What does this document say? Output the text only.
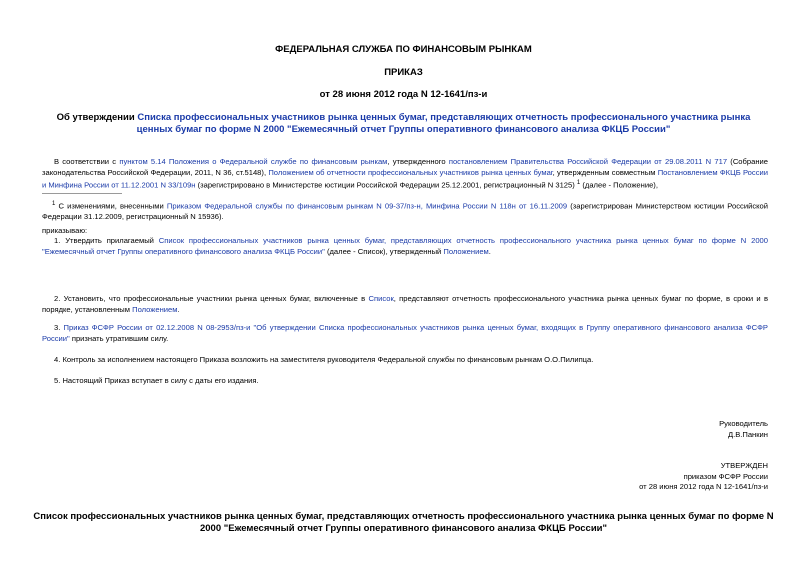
ФЕДЕРАЛЬНАЯ СЛУЖБА ПО ФИНАНСОВЫМ РЫНКАМ
ПРИКАЗ
от 28 июня 2012 года N 12-1641/пз-и
Об утверждении Списка профессиональных участников рынка ценных бумаг, представляющих отчетность профессионального участника рынка ценных бумаг по форме N 2000 "Ежемесячный отчет Группы оперативного финансового анализа ФКЦБ России"
В соответствии с пунктом 5.14 Положения о Федеральной службе по финансовым рынкам, утвержденного постановлением Правительства Российской Федерации от 29.08.2011 N 717 (Собрание законодательства Российской Федерации, 2011, N 36, ст.5148), Положением об отчетности профессиональных участников рынка ценных бумаг, утвержденным совместным Постановлением ФКЦБ России и Минфина России от 11.12.2001 N 33/109н (зарегистрировано в Министерстве юстиции Российской Федерации 25.12.2001, регистрационный N 3125) $^1$ (далее - Положение),
$^1$ С изменениями, внесенными Приказом Федеральной службы по финансовым рынкам N 09-37/пз-н, Минфина России N 118н от 16.11.2009 (зарегистрирован Министерством юстиции Российской Федерации 31.12.2009, регистрационный N 15936).
приказываю:
1. Утвердить прилагаемый Список профессиональных участников рынка ценных бумаг, представляющих отчетность профессионального участника рынка ценных бумаг по форме N 2000 "Ежемесячный отчет Группы оперативного финансового анализа ФКЦБ России" (далее - Список), утвержденный Положением.
2. Установить, что профессиональные участники рынка ценных бумаг, включенные в Список, представляют отчетность профессионального участника рынка ценных бумаг по форме, в сроки и в порядке, установленным Положением.
3. Приказ ФСФР России от 02.12.2008 N 08-2953/пз-и "Об утверждении Списка профессиональных участников рынка ценных бумаг, входящих в Группу оперативного финансового анализа ФСФР России" признать утратившим силу.
4. Контроль за исполнением настоящего Приказа возложить на заместителя руководителя Федеральной службы по финансовым рынкам О.О.Пилипца.
5. Настоящий Приказ вступает в силу с даты его издания.
Руководитель
Д.В.Панкин
УТВЕРЖДЕН
приказом ФСФР России
от 28 июня 2012 года N 12-1641/пз-и
Список профессиональных участников рынка ценных бумаг, представляющих отчетность профессионального участника рынка ценных бумаг по форме N 2000 "Ежемесячный отчет Группы оперативного финансового анализа ФКЦБ России"
